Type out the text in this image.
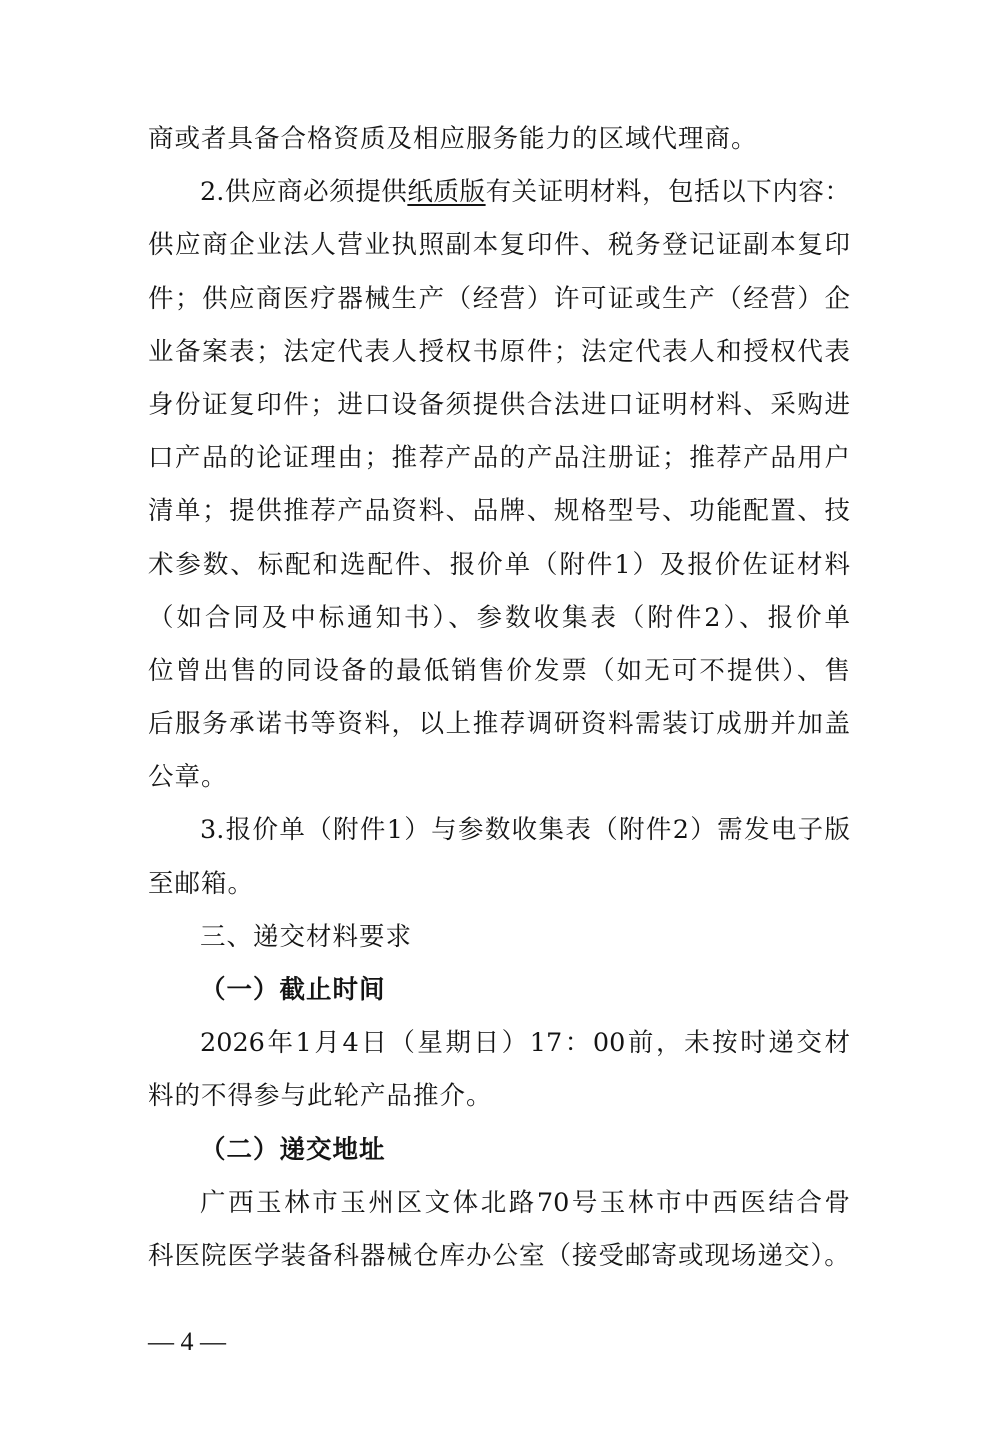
商或者具备合格资质及相应服务能力的区域代理商。
2.供应商必须提供纸质版有关证明材料，包括以下内容：
供应商企业法人营业执照副本复印件、税务登记证副本复印
件；供应商医疗器械生产（经营）许可证或生产（经营）企
业备案表；法定代表人授权书原件；法定代表人和授权代表
身份证复印件；进口设备须提供合法进口证明材料、采购进
口产品的论证理由；推荐产品的产品注册证；推荐产品用户
清单；提供推荐产品资料、品牌、规格型号、功能配置、技
术参数、标配和选配件、报价单（附件1）及报价佐证材料
（如合同及中标通知书）、参数收集表（附件2）、报价单
位曾出售的同设备的最低销售价发票（如无可不提供）、售
后服务承诺书等资料，以上推荐调研资料需装订成册并加盖
公章。
3.报价单（附件1）与参数收集表（附件2）需发电子版
至邮箱。
三、递交材料要求
（一）截止时间
2026年1月4日（星期日）17：00前，未按时递交材
料的不得参与此轮产品推介。
（二）递交地址
广西玉林市玉州区文体北路70号玉林市中西医结合骨
科医院医学装备科器械仓库办公室（接受邮寄或现场递交）。
— 4 —
